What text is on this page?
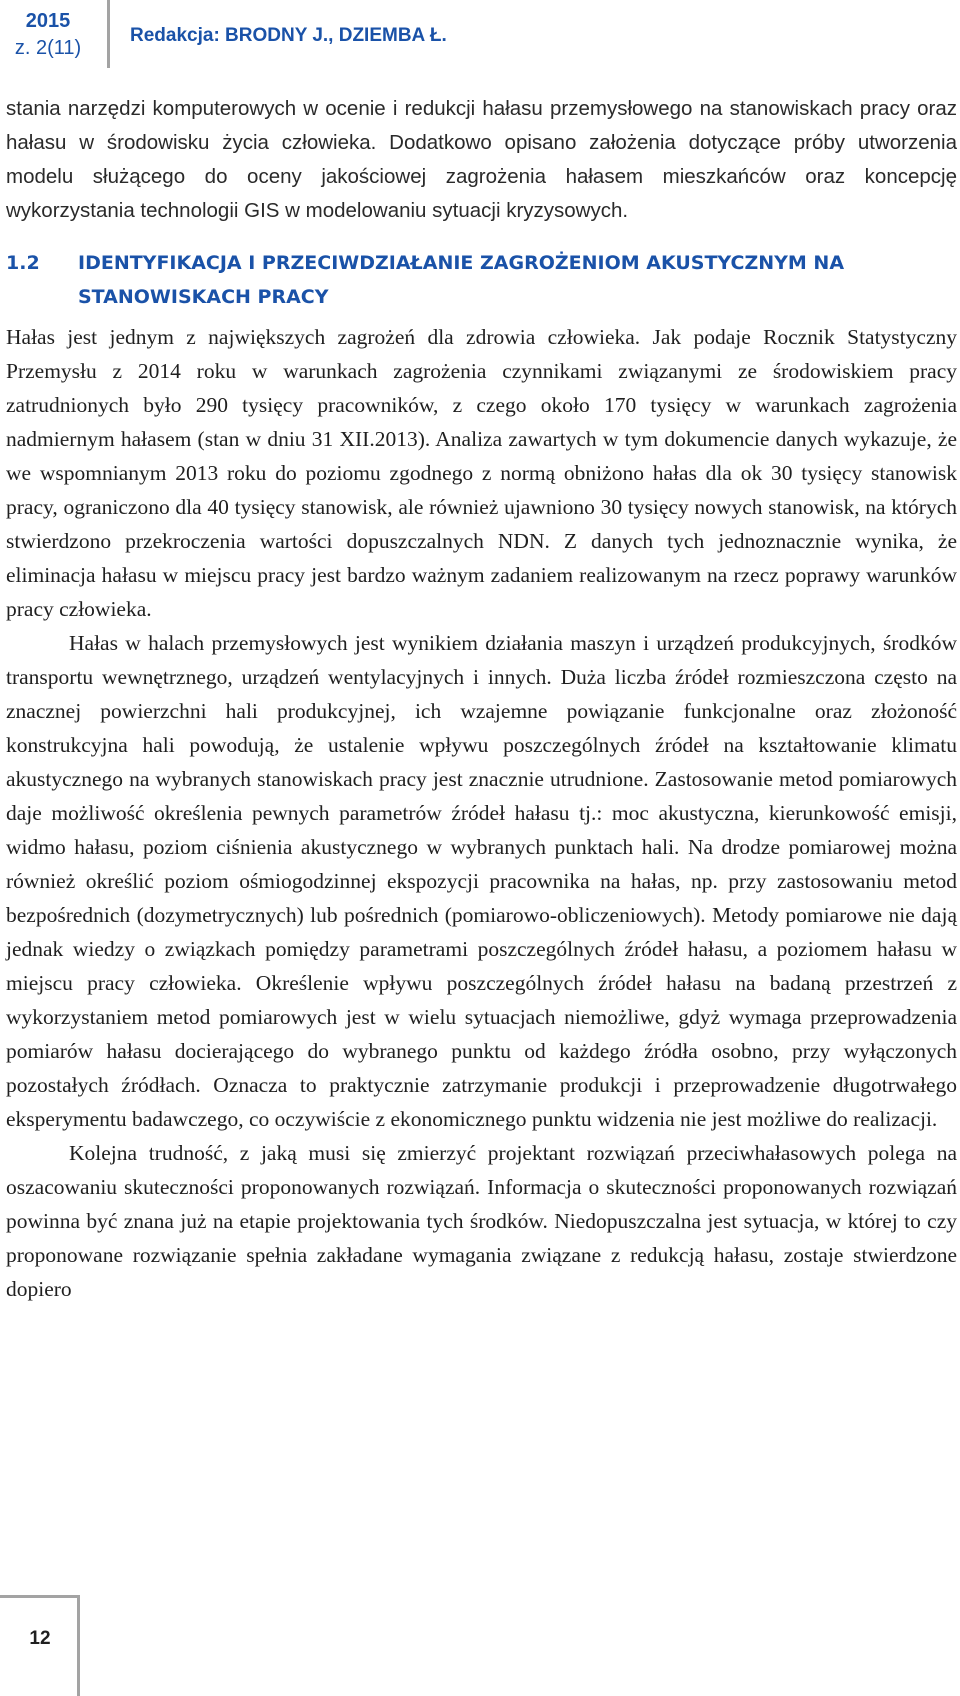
2015
z. 2(11)
Redakcja: BRODNY J., DZIEMBA Ł.

stania narzędzi komputerowych w ocenie i redukcji hałasu przemysłowego na stanowiskach pracy oraz hałasu w środowisku życia człowieka. Dodatkowo opisano założenia dotyczące próby utworzenia modelu służącego do oceny jakościowej zagrożenia hałasem mieszkańców oraz koncepcję wykorzystania technologii GIS w modelowaniu sytuacji kryzysowych.

1.2	IDENTYFIKACJA I PRZECIWDZIAŁANIE ZAGROŻENIOM AKUSTYCZNYM NA STANOWISKACH PRACY

Hałas jest jednym z największych zagrożeń dla zdrowia człowieka. Jak podaje Rocznik Statystyczny Przemysłu z 2014 roku w warunkach zagrożenia czynnikami związanymi ze środowiskiem pracy zatrudnionych było 290 tysięcy pracowników, z czego około 170 tysięcy w warunkach zagrożenia nadmiernym hałasem (stan w dniu 31 XII.2013). Analiza zawartych w tym dokumencie danych wykazuje, że we wspomnianym 2013 roku do poziomu zgodnego z normą obniżono hałas dla ok 30 tysięcy stanowisk pracy, ograniczono dla 40 tysięcy stanowisk, ale również ujawniono 30 tysięcy nowych stanowisk, na których stwierdzono przekroczenia wartości dopuszczalnych NDN. Z danych tych jednoznacznie wynika, że eliminacja hałasu w miejscu pracy jest bardzo ważnym zadaniem realizowanym na rzecz poprawy warunków pracy człowieka.

Hałas w halach przemysłowych jest wynikiem działania maszyn i urządzeń produkcyjnych, środków transportu wewnętrznego, urządzeń wentylacyjnych i innych. Duża liczba źródeł rozmieszczona często na znacznej powierzchni hali produkcyjnej, ich wzajemne powiązanie funkcjonalne oraz złożoność konstrukcyjna hali powodują, że ustalenie wpływu poszczególnych źródeł na kształtowanie klimatu akustycznego na wybranych stanowiskach pracy jest znacznie utrudnione. Zastosowanie metod pomiarowych daje możliwość określenia pewnych parametrów źródeł hałasu tj.: moc akustyczna, kierunkowość emisji, widmo hałasu, poziom ciśnienia akustycznego w wybranych punktach hali. Na drodze pomiarowej można również określić poziom ośmiogodzinnej ekspozycji pracownika na hałas, np. przy zastosowaniu metod bezpośrednich (dozymetrycznych) lub pośrednich (pomiarowo-obliczeniowych). Metody pomiarowe nie dają jednak wiedzy o związkach pomiędzy parametrami poszczególnych źródeł hałasu, a poziomem hałasu w miejscu pracy człowieka. Określenie wpływu poszczególnych źródeł hałasu na badaną przestrzeń z wykorzystaniem metod pomiarowych jest w wielu sytuacjach niemożliwe, gdyż wymaga przeprowadzenia pomiarów hałasu docierającego do wybranego punktu od każdego źródła osobno, przy wyłączonych pozostałych źródłach. Oznacza to praktycznie zatrzymanie produkcji i przeprowadzenie długotrwałego eksperymentu badawczego, co oczywiście z ekonomicznego punktu widzenia nie jest możliwe do realizacji.

Kolejna trudność, z jaką musi się zmierzyć projektant rozwiązań przeciwhałasowych polega na oszacowaniu skuteczności proponowanych rozwiązań. Informacja o skuteczności proponowanych rozwiązań powinna być znana już na etapie projektowania tych środków. Niedopuszczalna jest sytuacja, w której to czy proponowane rozwiązanie spełnia zakładane wymagania związane z redukcją hałasu, zostaje stwierdzone dopiero

12
